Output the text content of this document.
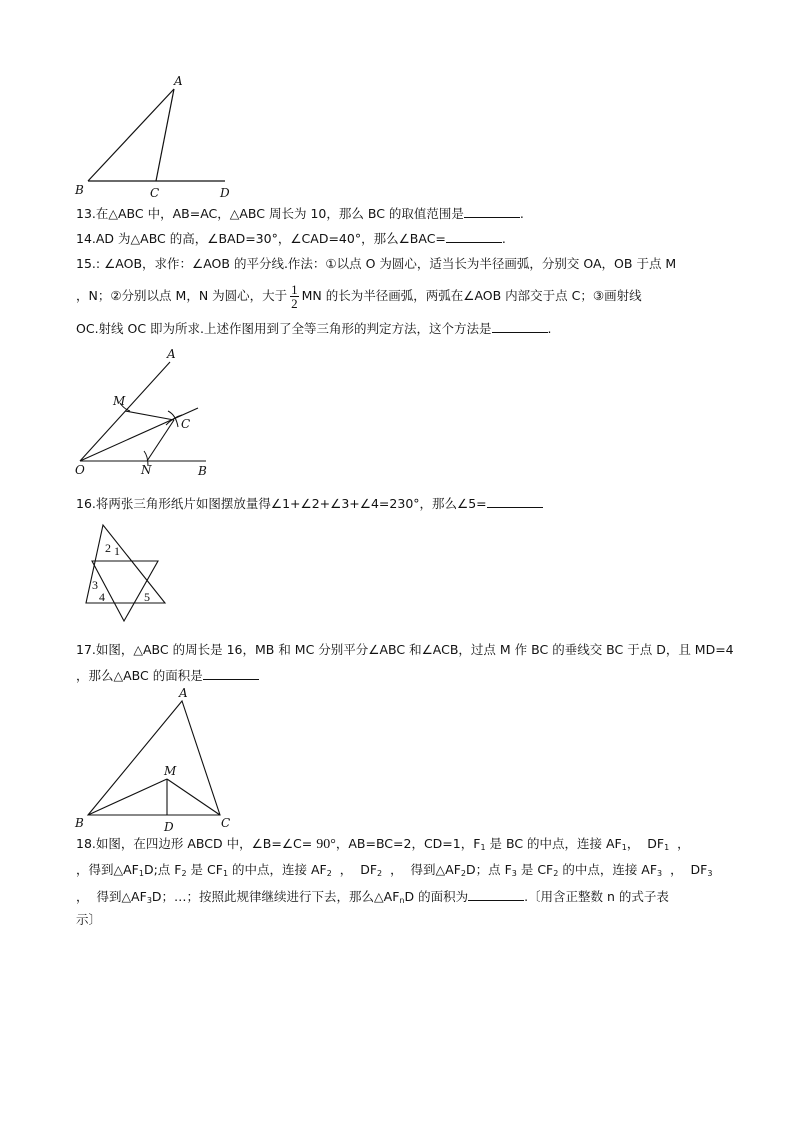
A
B	C	D
13.在△ABC 中，AB=AC，△ABC 周长为 10，那么 BC 的取值范围是	.
14.AD 为△ABC 的高，∠BAD=30°，∠CAD=40°，那么∠BAC=	.
15.: ∠AOB，求作：∠AOB 的平分线.作法：①以点 O 为圆心，适当长为半径画弧，分别交 OA，OB 于点 M
，N；②分别以点 M，N 为圆心，大于 $\frac{1}{2}$ MN 的长为半径画弧，两弧在∠AOB 内部交于点 C；③画射线
OC.射线 OC 即为所求.上述作图用到了全等三角形的判定方法，这个方法是	.
A
M
C
O	N	B
16.将两张三角形纸片如图摆放量得∠1+∠2+∠3+∠4=230°，那么∠5=
1
2
3
4	5
17.如图，△ABC 的周长是 16，MB 和 MC 分别平分∠ABC 和∠ACB，过点 M 作 BC 的垂线交 BC 于点 D，且 MD=4
，那么△ABC 的面积是
A
M
B	D	C
18.如图，在四边形 ABCD 中，∠B=∠C= 90°，AB=BC=2，CD=1，$F_1$ 是 BC 的中点，连接 $AF_1$，  $DF_1$  ，
，得到$\triangle AF_1D$;点 $F_2$ 是 $CF_1$ 的中点，连接 $AF_2$  ，  $DF_2$  ，  得到$\triangle AF_2D$；点 $F_3$ 是 $CF_2$ 的中点，连接 $AF_3$  ，  $DF_3$
，  得到$\triangle AF_3D$；…；按照此规律继续进行下去，那么$\triangle AF_nD$ 的面积为	.〔用含正整数 n 的式子表
示〕
